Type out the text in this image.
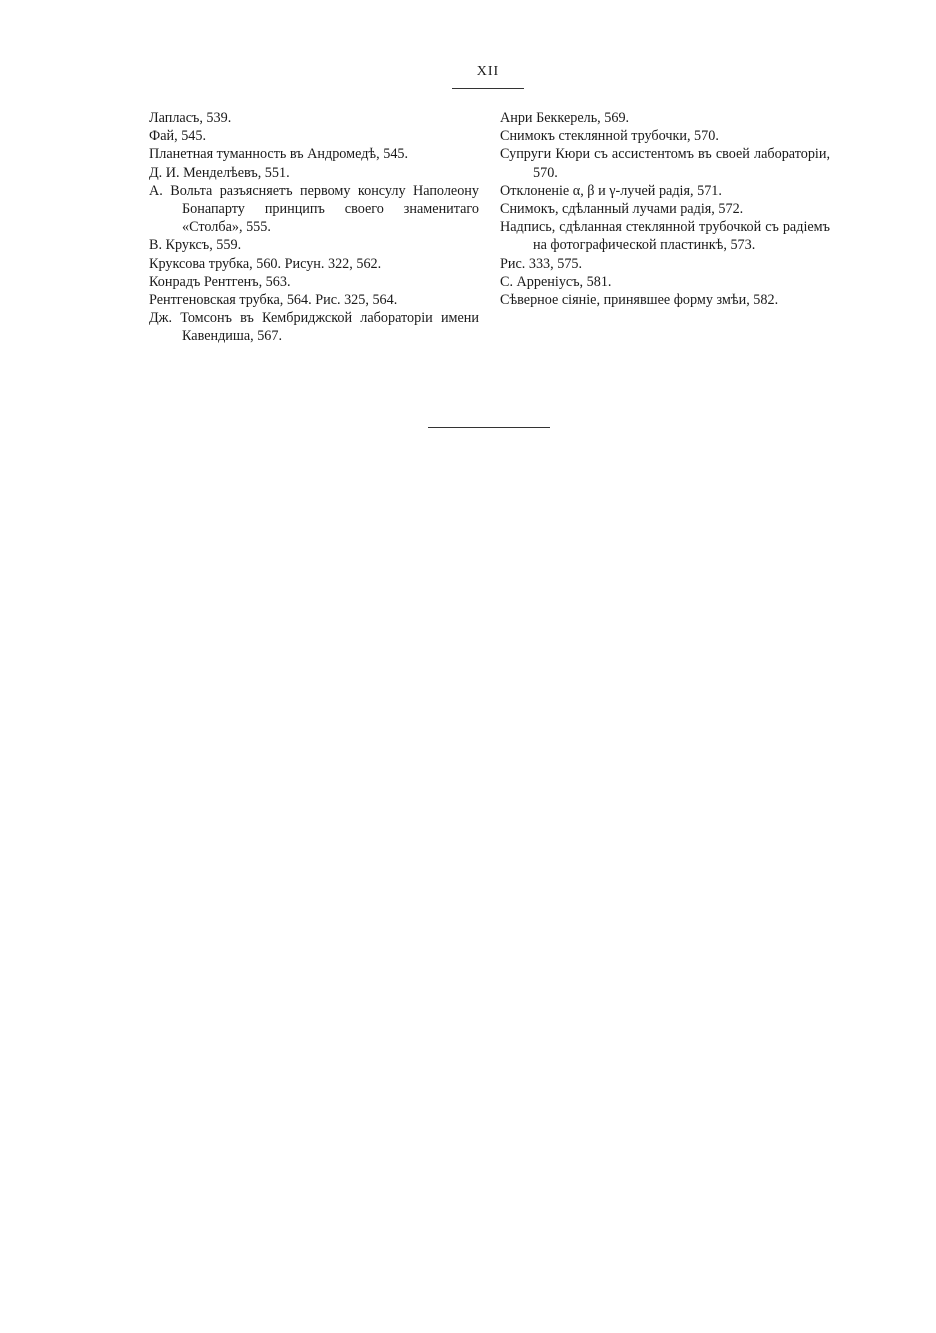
XII

Лапласъ, 539.

Фай, 545.

Планетная туманность въ Андромедѣ, 545.

Д. И. Менделѣевъ, 551.

А. Вольта разъясняетъ первому консулу Наполеону Бонапарту принципъ своего знаменитаго «Столба», 555.

В. Круксъ, 559.

Круксова трубка, 560. Рисун. 322, 562.

Конрадъ Рентгенъ, 563.

Рентгеновская трубка, 564. Рис. 325, 564.

Дж. Томсонъ въ Кембриджской лабораторіи имени Кавендиша, 567.

Анри Беккерель, 569.

Снимокъ стеклянной трубочки, 570.

Супруги Кюри съ ассистентомъ въ своей лабораторіи, 570.

Отклоненіе α, β и γ-лучей радія, 571.

Снимокъ, сдѣланный лучами радія, 572.

Надпись, сдѣланная стеклянной трубочкой съ радіемъ на фотографической пластинкѣ, 573.

Рис. 333, 575.

С. Арреніусъ, 581.

Сѣверное сіяніе, принявшее форму змѣи, 582.
